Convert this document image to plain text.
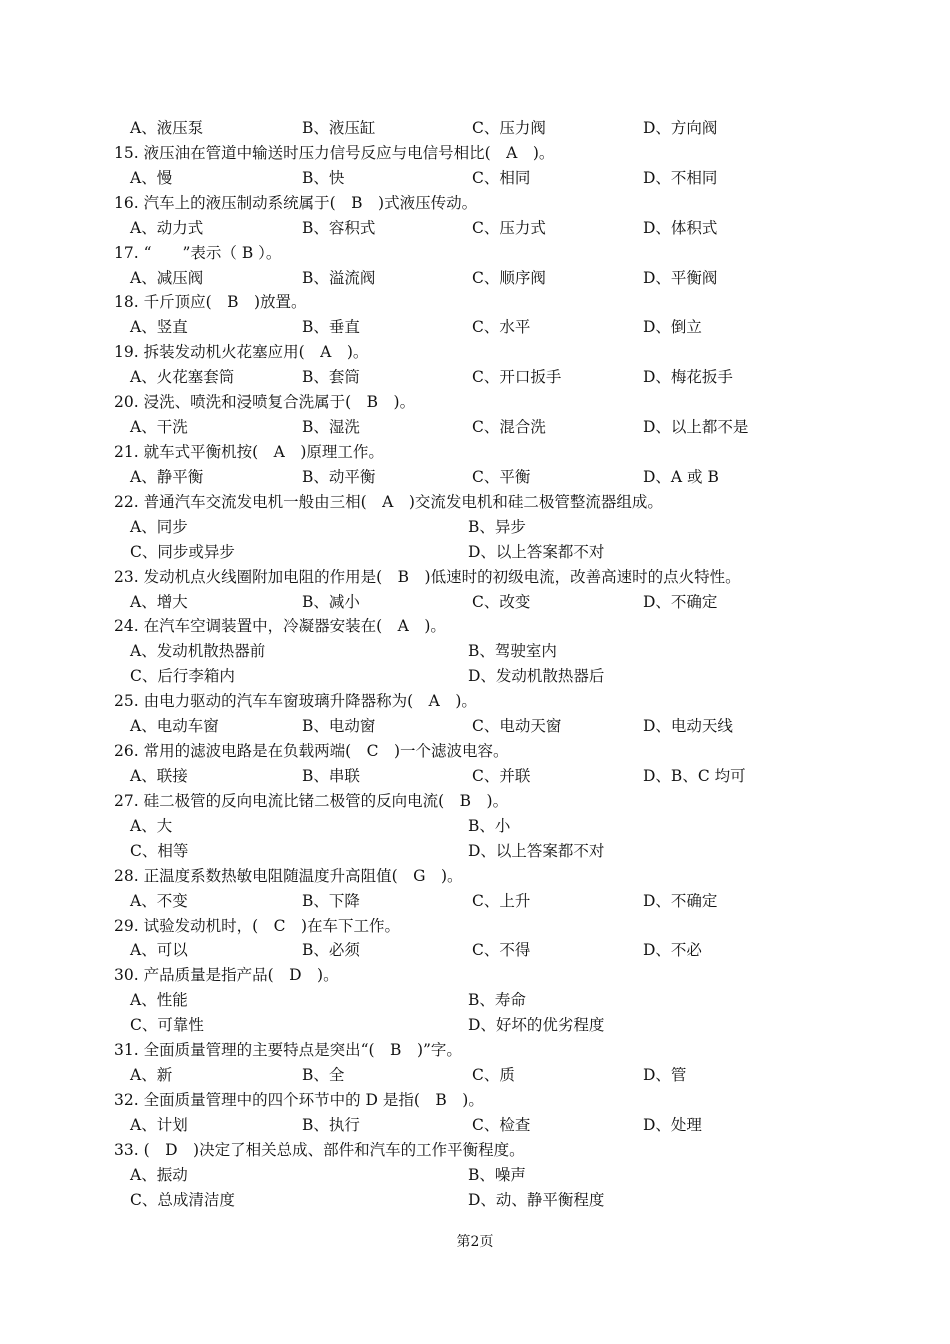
A、液压泵	B、液压缸	C、压力阀	D、方向阀
15. 液压油在管道中输送时压力信号反应与电信号相比(　A　)。
A、慢	B、快	C、相同	D、不相同
16. 汽车上的液压制动系统属于(　B　)式液压传动。
A、动力式	B、容积式	C、压力式	D、体积式
17. “　　”表示（ B ）。
A、减压阀	B、溢流阀	C、顺序阀	D、平衡阀
18. 千斤顶应(　B　)放置。
A、竖直	B、垂直	C、水平	D、倒立
19. 拆装发动机火花塞应用(　A　)。
A、火花塞套筒	B、套筒	C、开口扳手	D、梅花扳手
20. 浸洗、喷洗和浸喷复合洗属于(　B　)。
A、干洗	B、湿洗	C、混合洗	D、以上都不是
21. 就车式平衡机按(　A　)原理工作。
A、静平衡	B、动平衡	C、平衡	D、A 或 B
22. 普通汽车交流发电机一般由三相(　A　)交流发电机和硅二极管整流器组成。
A、同步	B、异步
C、同步或异步	D、以上答案都不对
23. 发动机点火线圈附加电阻的作用是(　B　)低速时的初级电流，改善高速时的点火特性。
A、增大	B、减小	C、改变	D、不确定
24. 在汽车空调装置中，冷凝器安装在(　A　)。
A、发动机散热器前	B、驾驶室内
C、后行李箱内	D、发动机散热器后
25. 由电力驱动的汽车车窗玻璃升降器称为(　A　)。
A、电动车窗	B、电动窗	C、电动天窗	D、电动天线
26. 常用的滤波电路是在负载两端(　C　)一个滤波电容。
A、联接	B、串联	C、并联	D、B、C 均可
27. 硅二极管的反向电流比锗二极管的反向电流(　B　)。
A、大	B、小
C、相等	D、以上答案都不对
28. 正温度系数热敏电阻随温度升高阻值(　G　)。
A、不变	B、下降	C、上升	D、不确定
29. 试验发动机时，(　C　)在车下工作。
A、可以	B、必须	C、不得	D、不必
30. 产品质量是指产品(　D　)。
A、性能	B、寿命
C、可靠性	D、好坏的优劣程度
31. 全面质量管理的主要特点是突出“(　B　)”字。
A、新	B、全	C、质	D、管
32. 全面质量管理中的四个环节中的 D 是指(　B　)。
A、计划	B、执行	C、检查	D、处理
33. (　D　)决定了相关总成、部件和汽车的工作平衡程度。
A、振动	B、噪声
C、总成清洁度	D、动、静平衡程度
第2页
